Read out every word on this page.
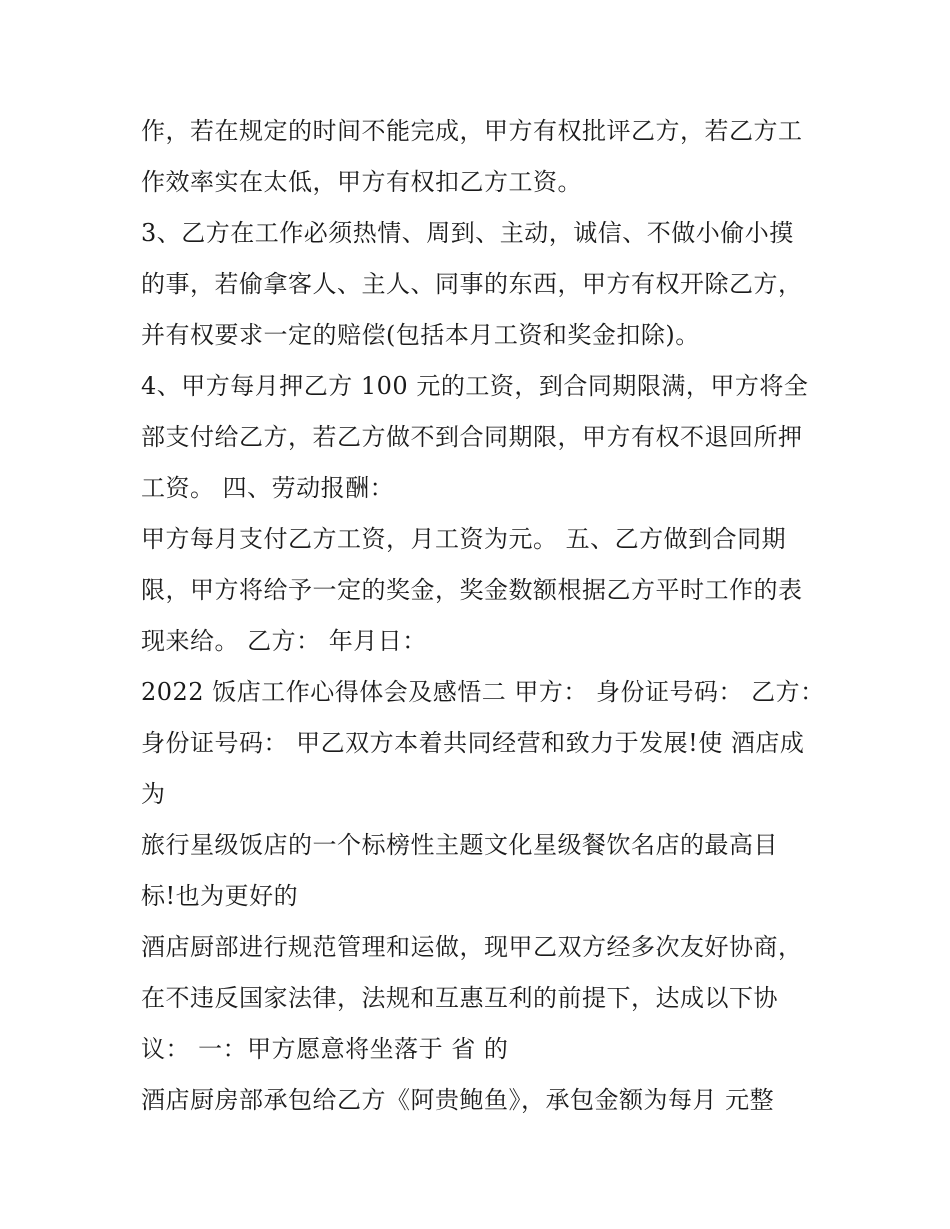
作，若在规定的时间不能完成，甲方有权批评乙方，若乙方工
作效率实在太低，甲方有权扣乙方工资。
3、乙方在工作必须热情、周到、主动，诚信、不做小偷小摸
的事，若偷拿客人、主人、同事的东西，甲方有权开除乙方，
并有权要求一定的赔偿(包括本月工资和奖金扣除)。
4、甲方每月押乙方 100 元的工资，到合同期限满，甲方将全
部支付给乙方，若乙方做不到合同期限，甲方有权不退回所押
工资。 四、劳动报酬：
甲方每月支付乙方工资，月工资为元。 五、乙方做到合同期
限，甲方将给予一定的奖金，奖金数额根据乙方平时工作的表
现来给。 乙方： 年月日：
2022 饭店工作心得体会及感悟二 甲方： 身份证号码： 乙方：
身份证号码： 甲乙双方本着共同经营和致力于发展!使 酒店成
为
旅行星级饭店的一个标榜性主题文化星级餐饮名店的最高目
标!也为更好的
酒店厨部进行规范管理和运做，现甲乙双方经多次友好协商，
在不违反国家法律，法规和互惠互利的前提下，达成以下协
议： 一：甲方愿意将坐落于 省 的
酒店厨房部承包给乙方《阿贵鲍鱼》，承包金额为每月 元整
